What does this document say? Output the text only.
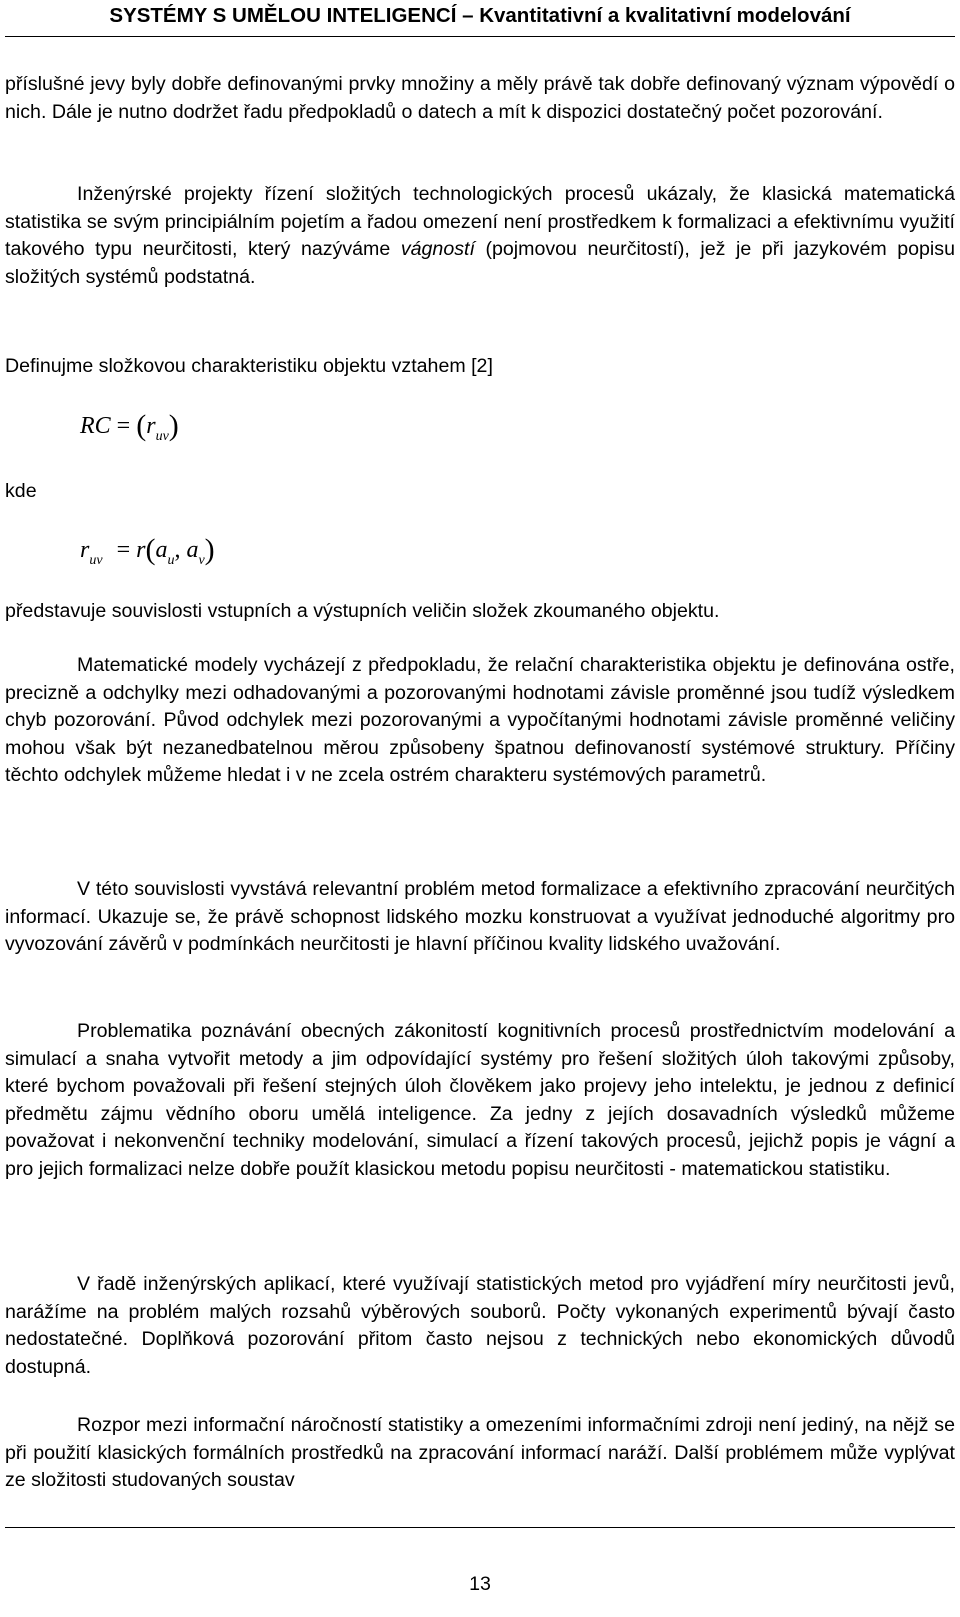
SYSTÉMY S UMĚLOU INTELIGENCÍ – Kvantitativní a kvalitativní modelování
příslušné jevy byly dobře definovanými prvky množiny a měly právě tak dobře definovaný význam výpovědí o nich. Dále je nutno dodržet řadu předpokladů o datech a mít k dispozici dostatečný počet pozorování.
Inženýrské projekty řízení složitých technologických procesů ukázaly, že klasická matematická statistika se svým principiálním pojetím a řadou omezení není prostředkem k formalizaci a efektivnímu využití takového typu neurčitosti, který nazýváme vágností (pojmovou neurčitostí), jež je při jazykovém popisu složitých systémů podstatná.
Definujme složkovou charakteristiku objektu vztahem [2]
RC = $(r_{uv})$
kde
$r_{uv} = r(a_u$, $a_v$)
představuje souvislosti vstupních a výstupních veličin složek zkoumaného objektu.
Matematické modely vycházejí z předpokladu, že relační charakteristika objektu je definována ostře, precizně a odchylky mezi odhadovanými a pozorovanými hodnotami závisle proměnné jsou tudíž výsledkem chyb pozorování. Původ odchylek mezi pozorovanými a vypočítanými hodnotami závisle proměnné veličiny mohou však být nezanedbatelnou měrou způsobeny špatnou definovaností systémové struktury. Příčiny těchto odchylek můžeme hledat i v ne zcela ostrém charakteru systémových parametrů.
V této souvislosti vyvstává relevantní problém metod formalizace a efektivního zpracování neurčitých informací. Ukazuje se, že právě schopnost lidského mozku konstruovat a využívat jednoduché algoritmy pro vyvozování závěrů v podmínkách neurčitosti je hlavní příčinou kvality lidského uvažování.
Problematika poznávání obecných zákonitostí kognitivních procesů prostřednictvím modelování a simulací a snaha vytvořit metody a jim odpovídající systémy pro řešení složitých úloh takovými způsoby, které bychom považovali při řešení stejných úloh člověkem jako projevy jeho intelektu, je jednou z definicí předmětu zájmu vědního oboru umělá inteligence. Za jedny z jejích dosavadních výsledků můžeme považovat i nekonvenční techniky modelování, simulací a řízení takových procesů, jejichž popis je vágní a pro jejich formalizaci nelze dobře použít klasickou metodu popisu neurčitosti - matematickou statistiku.
V řadě inženýrských aplikací, které využívají statistických metod pro vyjádření míry neurčitosti jevů, narážíme na problém malých rozsahů výběrových souborů. Počty vykonaných experimentů bývají často nedostatečné. Doplňková pozorování přitom často nejsou z technických nebo ekonomických důvodů dostupná.
Rozpor mezi informační náročností statistiky a omezeními informačními zdroji není jediný, na nějž se při použití klasických formálních prostředků na zpracování informací naráží. Další problémem může vyplývat ze složitosti studovaných soustav
13
